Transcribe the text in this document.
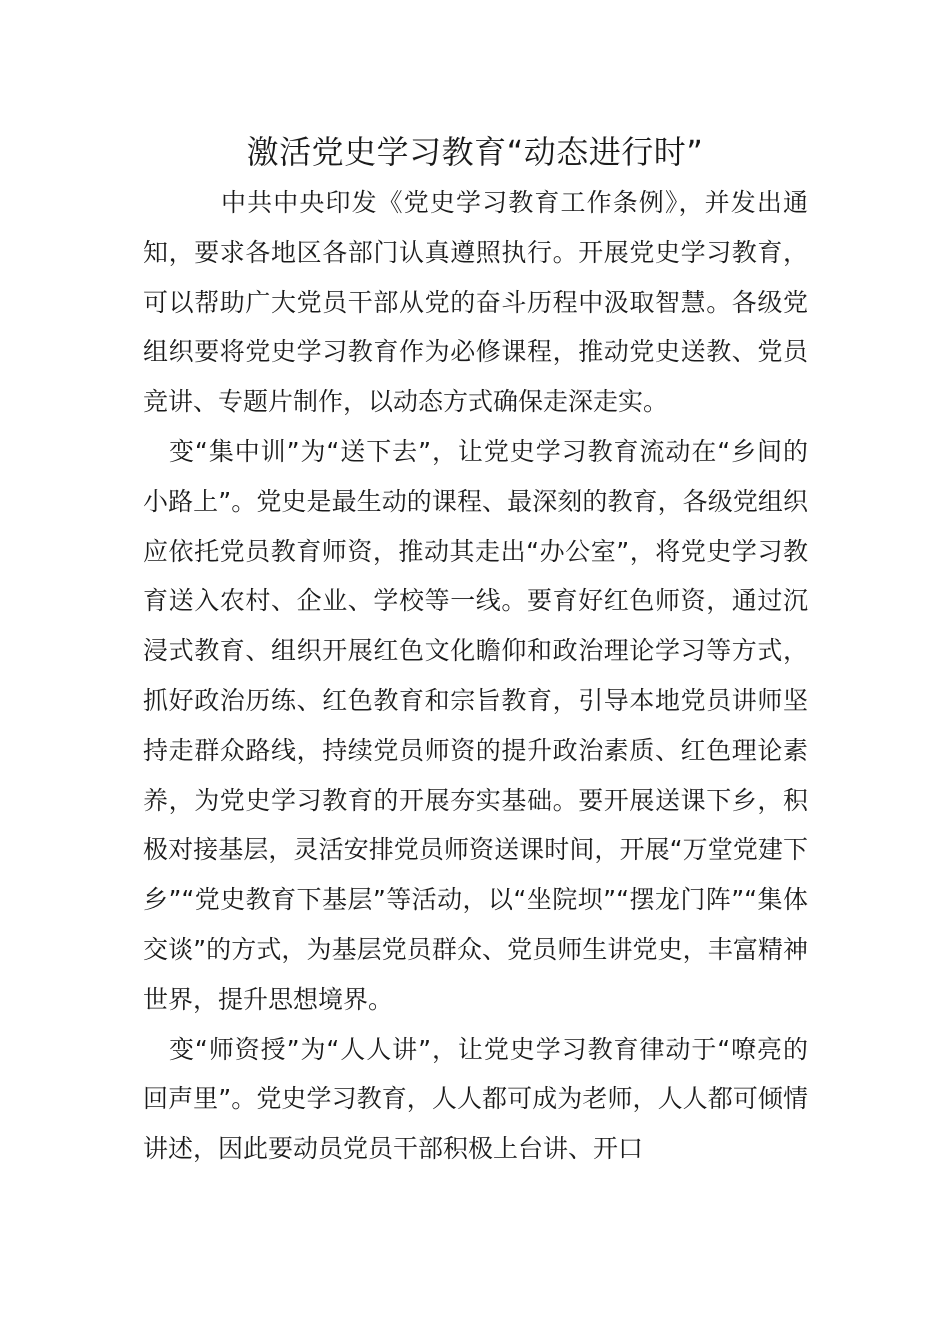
激活党史学习教育“动态进行时”

中共中央印发《党史学习教育工作条例》，并发出通知，要求各地区各部门认真遵照执行。开展党史学习教育，可以帮助广大党员干部从党的奋斗历程中汲取智慧。各级党组织要将党史学习教育作为必修课程，推动党史送教、党员竞讲、专题片制作，以动态方式确保走深走实。

变“集中训”为“送下去”，让党史学习教育流动在“乡间的小路上”。党史是最生动的课程、最深刻的教育，各级党组织应依托党员教育师资，推动其走出“办公室”，将党史学习教育送入农村、企业、学校等一线。要育好红色师资，通过沉浸式教育、组织开展红色文化瞻仰和政治理论学习等方式，抓好政治历练、红色教育和宗旨教育，引导本地党员讲师坚持走群众路线，持续党员师资的提升政治素质、红色理论素养，为党史学习教育的开展夯实基础。要开展送课下乡，积极对接基层，灵活安排党员师资送课时间，开展“万堂党建下乡”“党史教育下基层”等活动，以“坐院坝”“摆龙门阵”“集体交谈”的方式，为基层党员群众、党员师生讲党史，丰富精神世界，提升思想境界。

变“师资授”为“人人讲”，让党史学习教育律动于“嘹亮的回声里”。党史学习教育，人人都可成为老师，人人都可倾情讲述，因此要动员党员干部积极上台讲、开口
